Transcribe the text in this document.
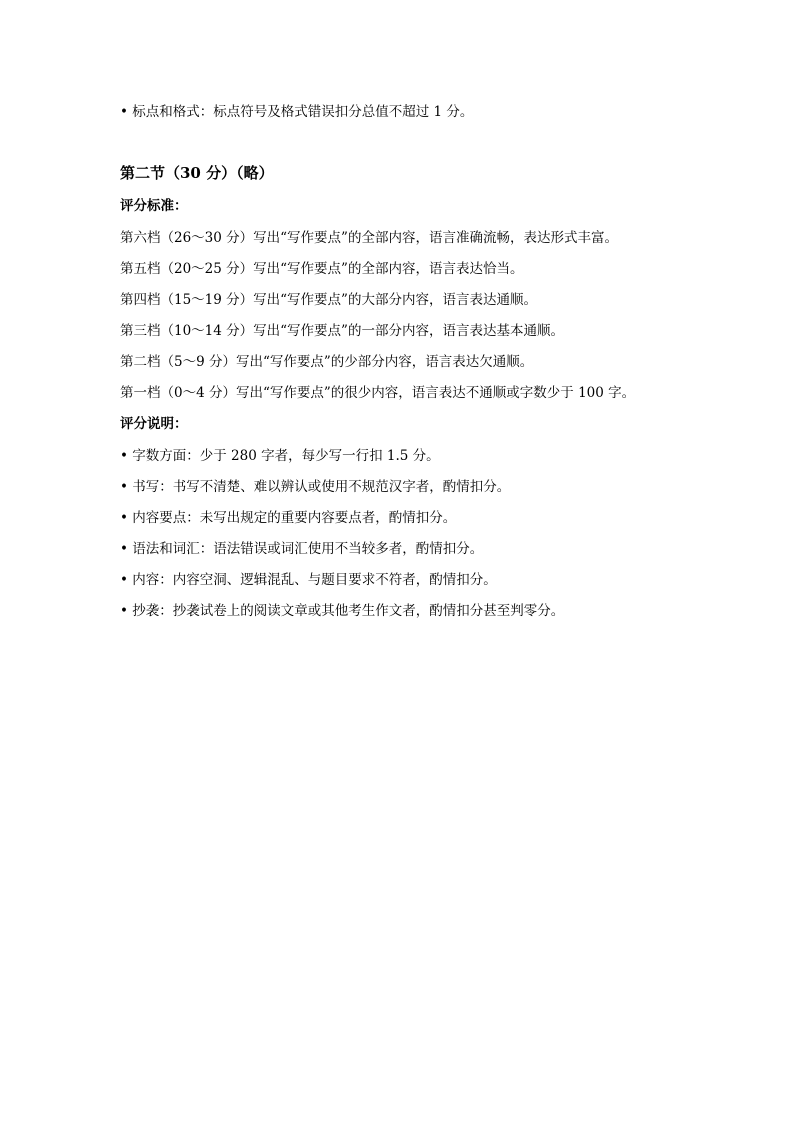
• 标点和格式：标点符号及格式错误扣分总值不超过 1 分。
第二节（30 分）（略）
评分标准：
第六档（26～30 分）写出“写作要点”的全部内容，语言准确流畅，表达形式丰富。
第五档（20～25 分）写出“写作要点”的全部内容，语言表达恰当。
第四档（15～19 分）写出“写作要点”的大部分内容，语言表达通顺。
第三档（10～14 分）写出“写作要点”的一部分内容，语言表达基本通顺。
第二档（5～9 分）写出“写作要点”的少部分内容，语言表达欠通顺。
第一档（0～4 分）写出“写作要点”的很少内容，语言表达不通顺或字数少于 100 字。
评分说明：
• 字数方面：少于 280 字者，每少写一行扣 1.5 分。
• 书写：书写不清楚、难以辨认或使用不规范汉字者，酌情扣分。
• 内容要点：未写出规定的重要内容要点者，酌情扣分。
• 语法和词汇：语法错误或词汇使用不当较多者，酌情扣分。
• 内容：内容空洞、逻辑混乱、与题目要求不符者，酌情扣分。
• 抄袭：抄袭试卷上的阅读文章或其他考生作文者，酌情扣分甚至判零分。
